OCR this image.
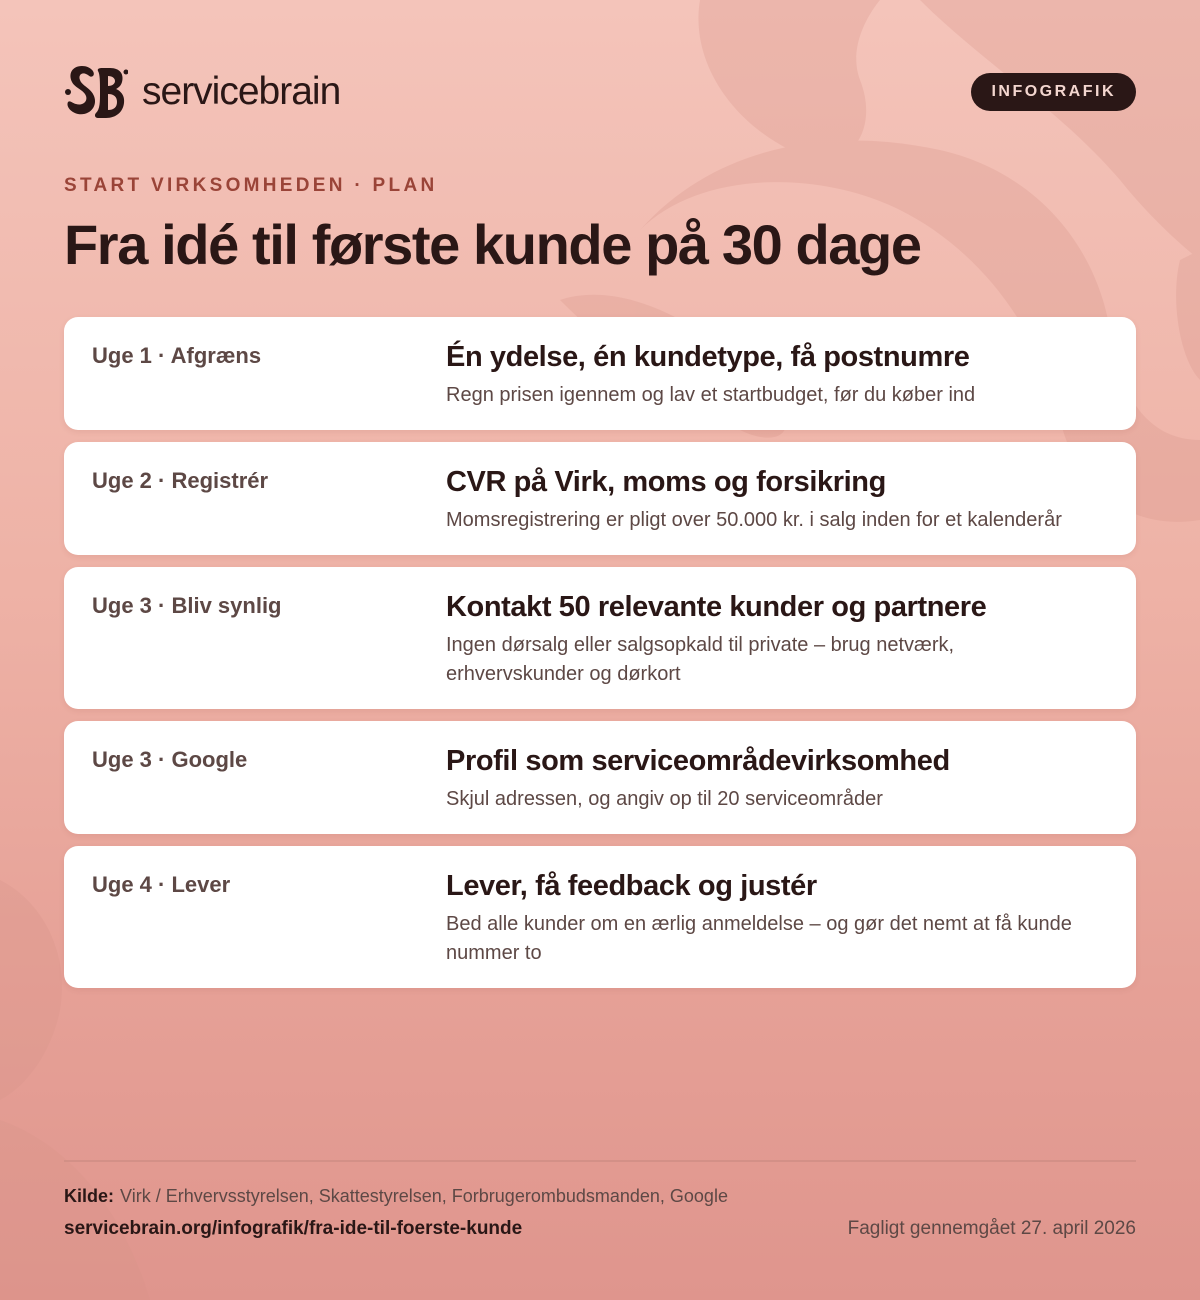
servicebrain	INFOGRAFIK
START VIRKSOMHEDEN · PLAN
Fra idé til første kunde på 30 dage
Uge 1 · Afgræns	Én ydelse, én kundetype, få postnumre
Regn prisen igennem og lav et startbudget, før du køber ind
Uge 2 · Registrér	CVR på Virk, moms og forsikring
Momsregistrering er pligt over 50.000 kr. i salg inden for et kalenderår
Uge 3 · Bliv synlig	Kontakt 50 relevante kunder og partnere
Ingen dørsalg eller salgsopkald til private – brug netværk, erhvervskunder og dørkort
Uge 3 · Google	Profil som serviceområdevirksomhed
Skjul adressen, og angiv op til 20 serviceområder
Uge 4 · Lever	Lever, få feedback og justér
Bed alle kunder om en ærlig anmeldelse – og gør det nemt at få kunde nummer to
Kilde: Virk / Erhvervsstyrelsen, Skattestyrelsen, Forbrugerombudsmanden, Google
servicebrain.org/infografik/fra-ide-til-foerste-kunde	Fagligt gennemgået 27. april 2026
